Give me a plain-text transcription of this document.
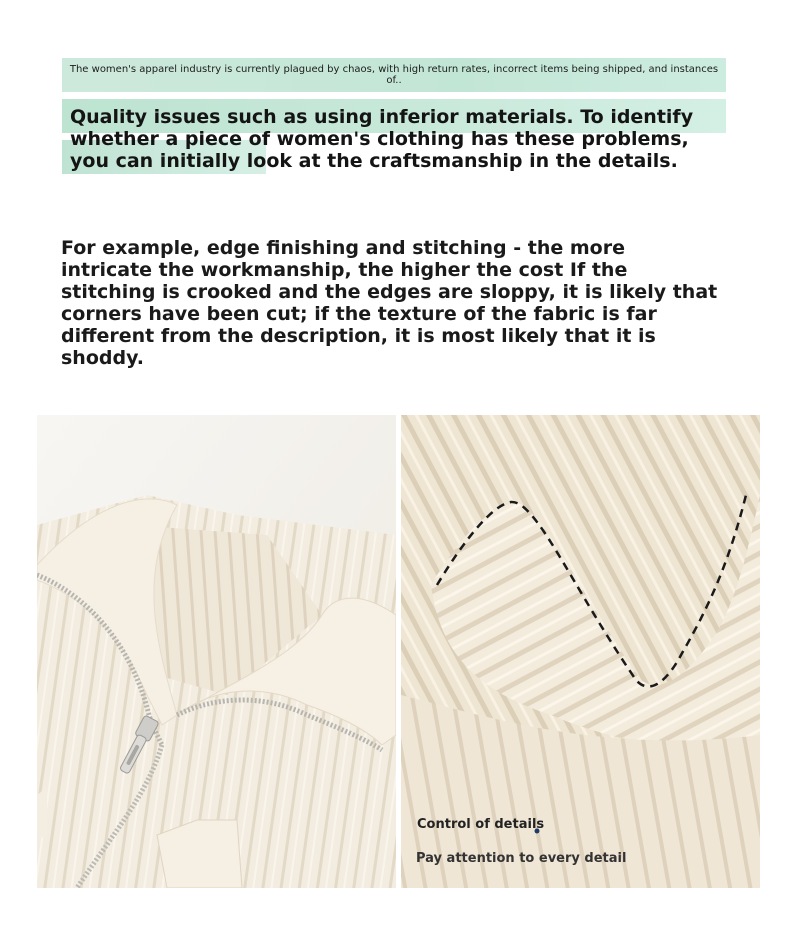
The women's apparel industry is currently plagued by chaos, with high return rates, incorrect items being shipped, and instances of..

Quality issues such as using inferior materials. To identify whether a piece of women's clothing has these problems, you can initially look at the craftsmanship in the details.

For example, edge finishing and stitching - the more intricate the workmanship, the higher the cost If the stitching is crooked and the edges are sloppy, it is likely that corners have been cut; if the texture of the fabric is far different from the description, it is most likely that it is shoddy.

Control of details
Pay attention to every detail
